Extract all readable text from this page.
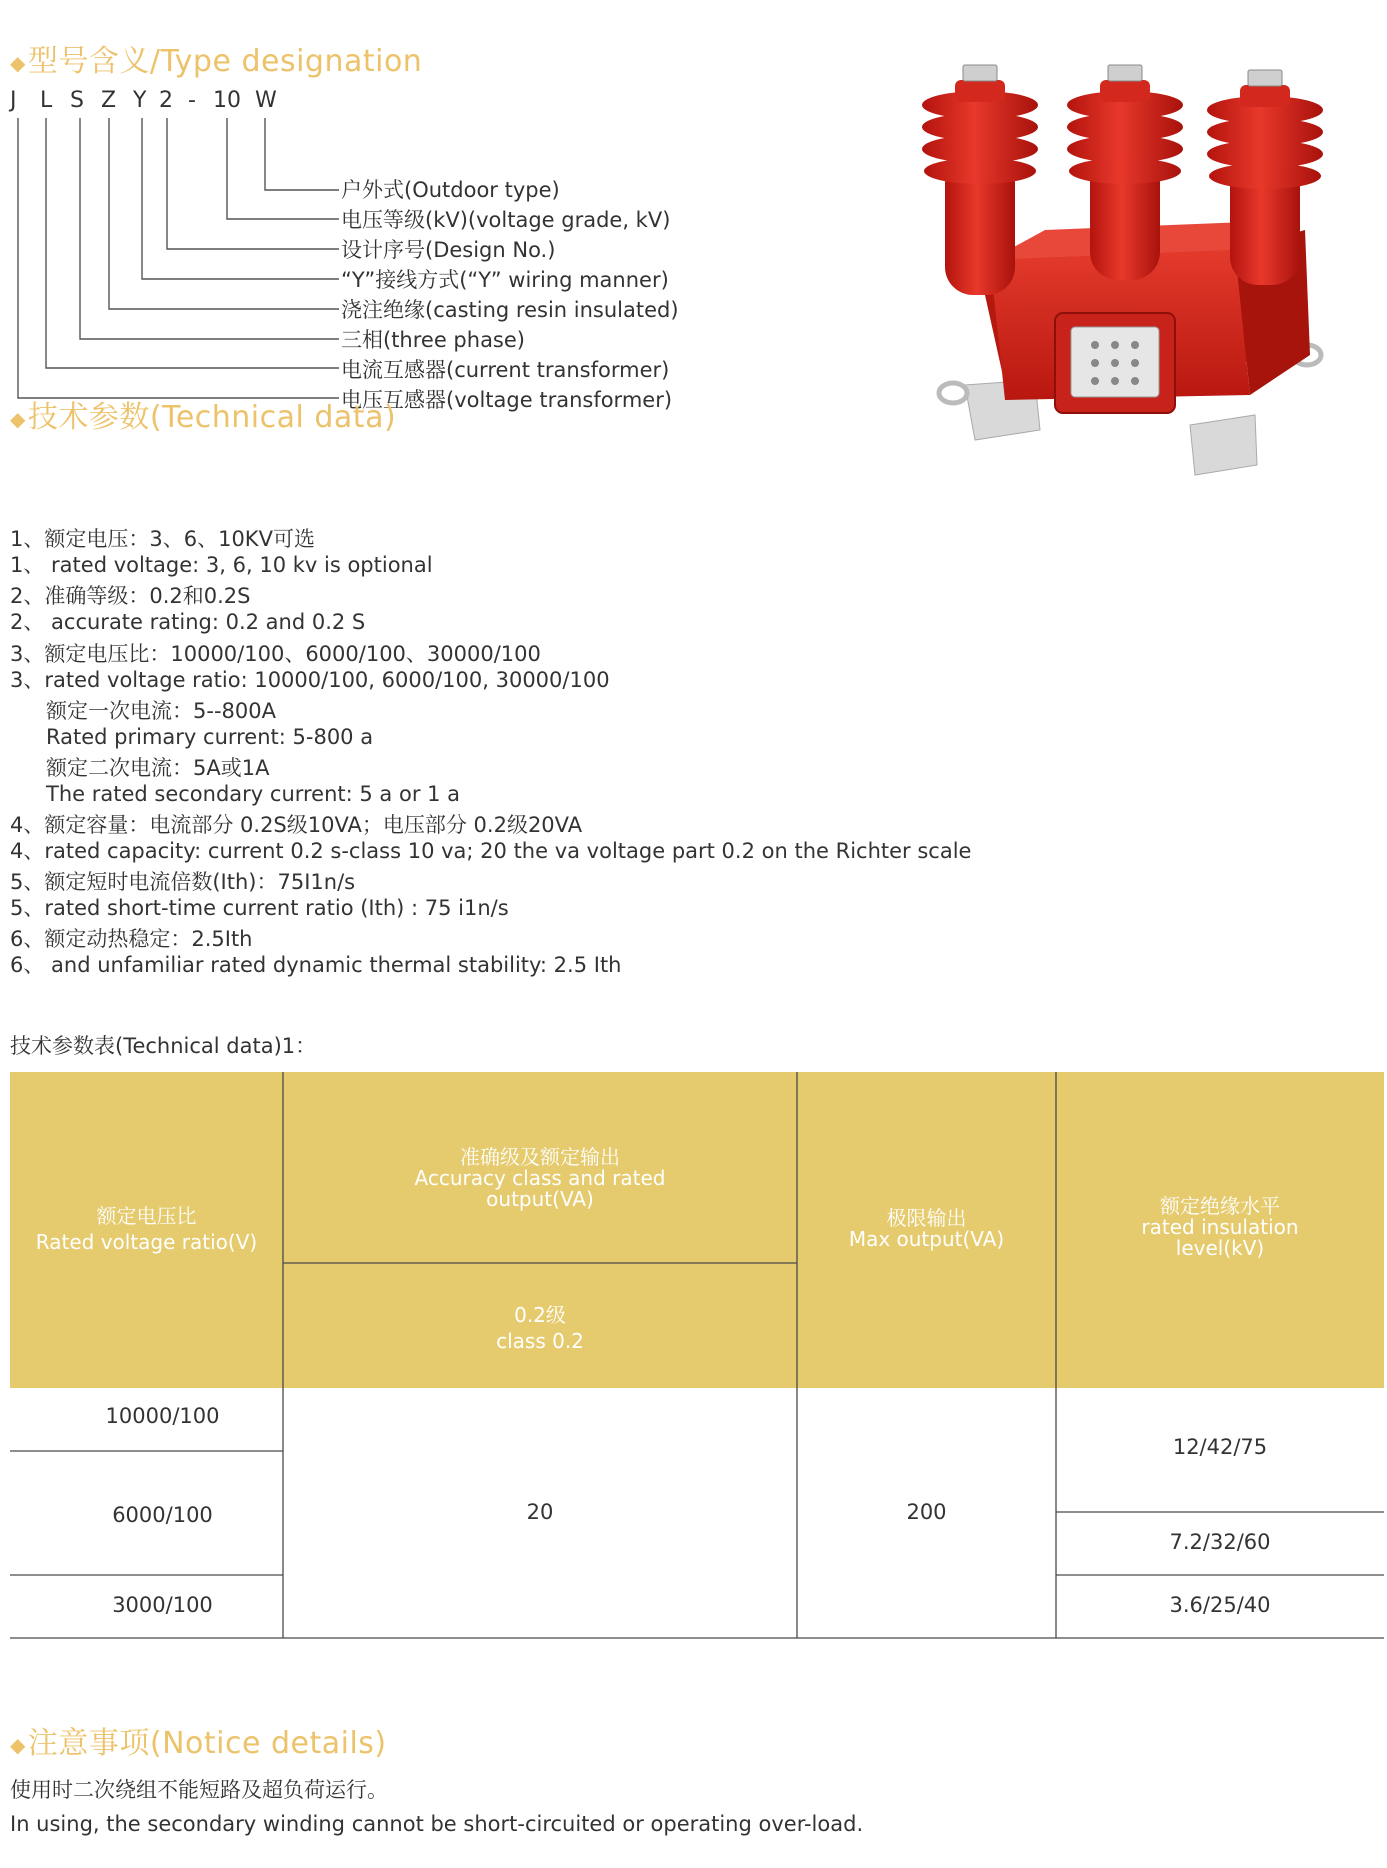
◆型号含义/Type designation
J L S Z Y 2 - 10 W
户外式(Outdoor type)
电压等级(kV)(voltage grade, kV)
设计序号(Design No.)
“Y”接线方式(“Y” wiring manner)
浇注绝缘(casting resin insulated)
三相(three phase)
电流互感器(current transformer)
电压互感器(voltage transformer)
◆技术参数(Technical data)
1、额定电压：3、6、10KV可选
1、 rated voltage: 3, 6, 10 kv is optional
2、准确等级：0.2和0.2S
2、 accurate rating: 0.2 and 0.2 S
3、额定电压比：10000/100、6000/100、30000/100
3、rated voltage ratio: 10000/100, 6000/100, 30000/100
额定一次电流：5--800A
Rated primary current: 5-800 a
额定二次电流：5A或1A
The rated secondary current: 5 a or 1 a
4、额定容量：电流部分 0.2S级10VA；电压部分 0.2级20VA
4、rated capacity: current 0.2 s-class 10 va; 20 the va voltage part 0.2 on the Richter scale
5、额定短时电流倍数(Ith)：75I1n/s
5、rated short-time current ratio (Ith) : 75 i1n/s
6、额定动热稳定：2.5Ith
6、 and unfamiliar rated dynamic thermal stability: 2.5 Ith
技术参数表(Technical data)1：
额定电压比
Rated voltage ratio(V)
准确级及额定输出
Accuracy class and rated output(VA)
0.2级
class 0.2
极限输出
Max output(VA)
额定绝缘水平
rated insulation level(kV)
10000/100
6000/100
3000/100
20	200
12/42/75
7.2/32/60
3.6/25/40
◆注意事项(Notice details)
使用时二次绕组不能短路及超负荷运行。
In using, the secondary winding cannot be short-circuited or operating over-load.
